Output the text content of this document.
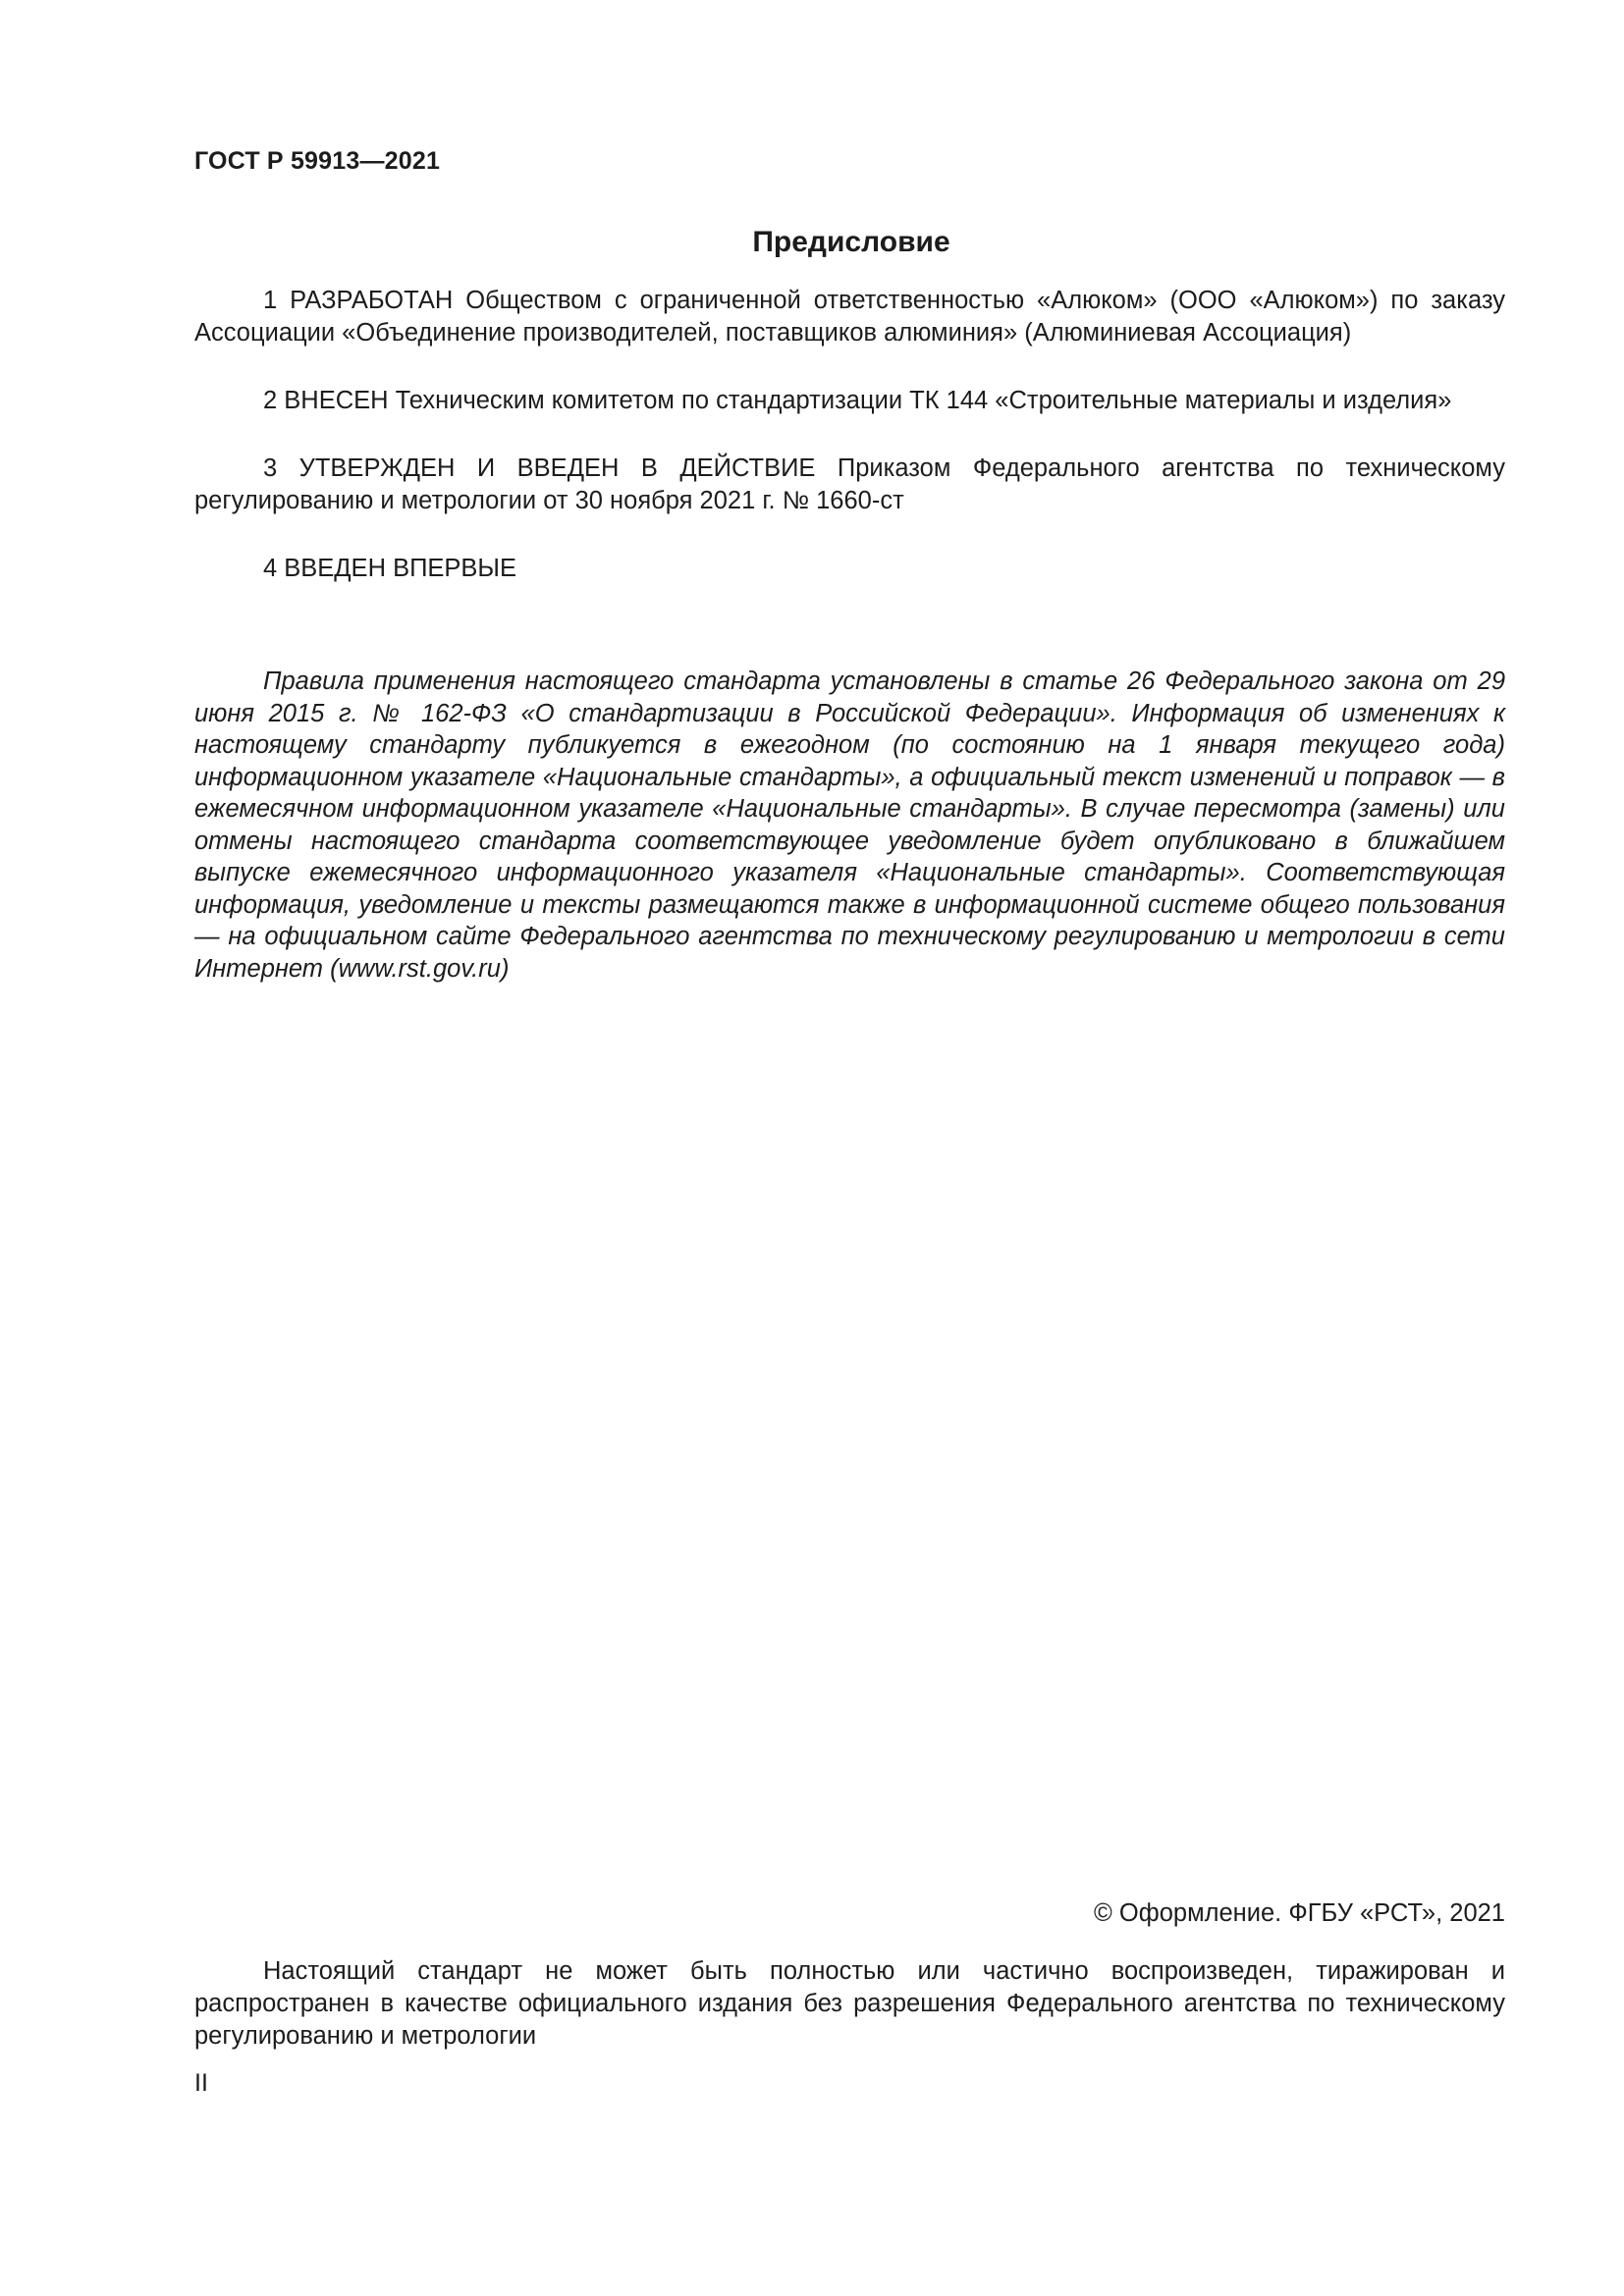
ГОСТ Р 59913—2021
Предисловие

1 РАЗРАБОТАН Обществом с ограниченной ответственностью «Алюком» (ООО «Алюком») по заказу Ассоциации «Объединение производителей, поставщиков алюминия» (Алюминиевая Ассоциация)

2 ВНЕСЕН Техническим комитетом по стандартизации ТК 144 «Строительные материалы и изделия»

3 УТВЕРЖДЕН И ВВЕДЕН В ДЕЙСТВИЕ Приказом Федерального агентства по техническому регулированию и метрологии от 30 ноября 2021 г. № 1660-ст

4 ВВЕДЕН ВПЕРВЫЕ

Правила применения настоящего стандарта установлены в статье 26 Федерального закона от 29 июня 2015 г. № 162-ФЗ «О стандартизации в Российской Федерации». Информация об изменениях к настоящему стандарту публикуется в ежегодном (по состоянию на 1 января текущего года) информационном указателе «Национальные стандарты», а официальный текст изменений и поправок — в ежемесячном информационном указателе «Национальные стандарты». В случае пересмотра (замены) или отмены настоящего стандарта соответствующее уведомление будет опубликовано в ближайшем выпуске ежемесячного информационного указателя «Национальные стандарты». Соответствующая информация, уведомление и тексты размещаются также в информационной системе общего пользования — на официальном сайте Федерального агентства по техническому регулированию и метрологии в сети Интернет (www.rst.gov.ru)

© Оформление. ФГБУ «РСТ», 2021
Настоящий стандарт не может быть полностью или частично воспроизведен, тиражирован и распространен в качестве официального издания без разрешения Федерального агентства по техническому регулированию и метрологии
II
